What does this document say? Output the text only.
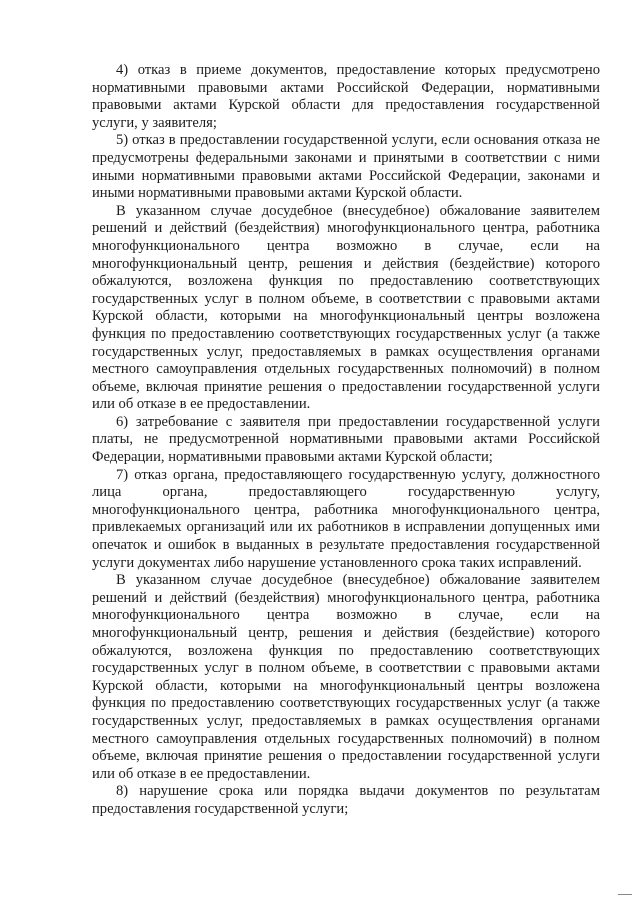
4) отказ в приеме документов, предоставление которых предусмотрено нормативными правовыми актами Российской Федерации, нормативными правовыми актами Курской области для предоставления государственной услуги, у заявителя;

5) отказ в предоставлении государственной услуги, если основания отказа не предусмотрены федеральными законами и принятыми в соответствии с ними иными нормативными правовыми актами Российской Федерации, законами и иными нормативными правовыми актами Курской области.

В указанном случае досудебное (внесудебное) обжалование заявителем решений и действий (бездействия) многофункционального центра, работника многофункционального центра возможно в случае, если на многофункциональный центр, решения и действия (бездействие) которого обжалуются, возложена функция по предоставлению соответствующих государственных услуг в полном объеме, в соответствии с правовыми актами Курской области, которыми на многофункциональный центры возложена функция по предоставлению соответствующих государственных услуг (а также государственных услуг, предоставляемых в рамках осуществления органами местного самоуправления отдельных государственных полномочий) в полном объеме, включая принятие решения о предоставлении государственной услуги или об отказе в ее предоставлении.

6) затребование с заявителя при предоставлении государственной услуги платы, не предусмотренной нормативными правовыми актами Российской Федерации, нормативными правовыми актами Курской области;

7) отказ органа, предоставляющего государственную услугу, должностного лица органа, предоставляющего государственную услугу, многофункционального центра, работника многофункционального центра, привлекаемых организаций или их работников в исправлении допущенных ими опечаток и ошибок в выданных в результате предоставления государственной услуги документах либо нарушение установленного срока таких исправлений.

В указанном случае досудебное (внесудебное) обжалование заявителем решений и действий (бездействия) многофункционального центра, работника многофункционального центра возможно в случае, если на многофункциональный центр, решения и действия (бездействие) которого обжалуются, возложена функция по предоставлению соответствующих государственных услуг в полном объеме, в соответствии с правовыми актами Курской области, которыми на многофункциональный центры возложена функция по предоставлению соответствующих государственных услуг (а также государственных услуг, предоставляемых в рамках осуществления органами местного самоуправления отдельных государственных полномочий) в полном объеме, включая принятие решения о предоставлении государственной услуги или об отказе в ее предоставлении.

8) нарушение срока или порядка выдачи документов по результатам предоставления государственной услуги;
